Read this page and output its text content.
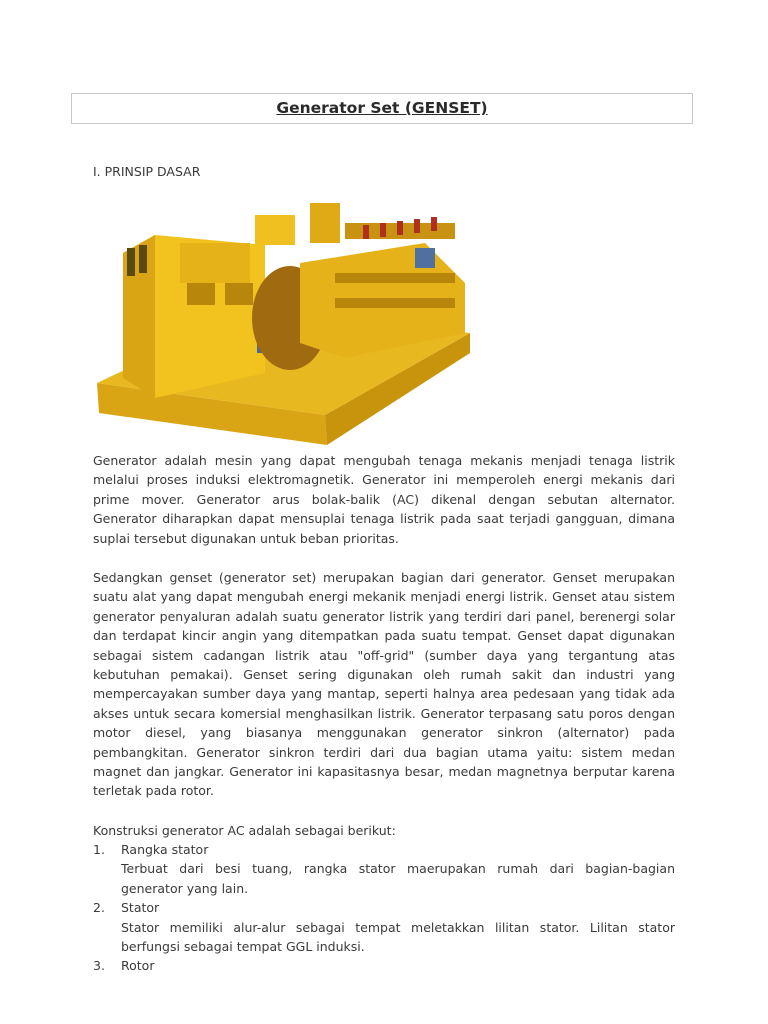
Generator Set (GENSET)
I. PRINSIP DASAR
Generator adalah mesin yang dapat mengubah tenaga mekanis menjadi tenaga listrik
melalui proses induksi elektromagnetik. Generator ini memperoleh energi mekanis dari
prime mover. Generator arus bolak-balik (AC) dikenal dengan sebutan alternator.
Generator diharapkan dapat mensuplai tenaga listrik pada saat terjadi gangguan, dimana
suplai tersebut digunakan untuk beban prioritas.
Sedangkan genset (generator set) merupakan bagian dari generator. Genset merupakan
suatu alat yang dapat mengubah energi mekanik menjadi energi listrik. Genset atau sistem
generator penyaluran adalah suatu generator listrik yang terdiri dari panel, berenergi solar
dan terdapat kincir angin yang ditempatkan pada suatu tempat. Genset dapat digunakan
sebagai sistem cadangan listrik atau "off-grid" (sumber daya yang tergantung atas
kebutuhan pemakai). Genset sering digunakan oleh rumah sakit dan industri yang
mempercayakan sumber daya yang mantap, seperti halnya area pedesaan yang tidak ada
akses untuk secara komersial menghasilkan listrik. Generator terpasang satu poros dengan
motor diesel, yang biasanya menggunakan generator sinkron (alternator) pada
pembangkitan. Generator sinkron terdiri dari dua bagian utama yaitu: sistem medan
magnet dan jangkar. Generator ini kapasitasnya besar, medan magnetnya berputar karena
terletak pada rotor.
Konstruksi generator AC adalah sebagai berikut:
1. Rangka stator
Terbuat dari besi tuang, rangka stator maerupakan rumah dari bagian-bagian
generator yang lain.
2. Stator
Stator memiliki alur-alur sebagai tempat meletakkan lilitan stator. Lilitan stator
berfungsi sebagai tempat GGL induksi.
3. Rotor
